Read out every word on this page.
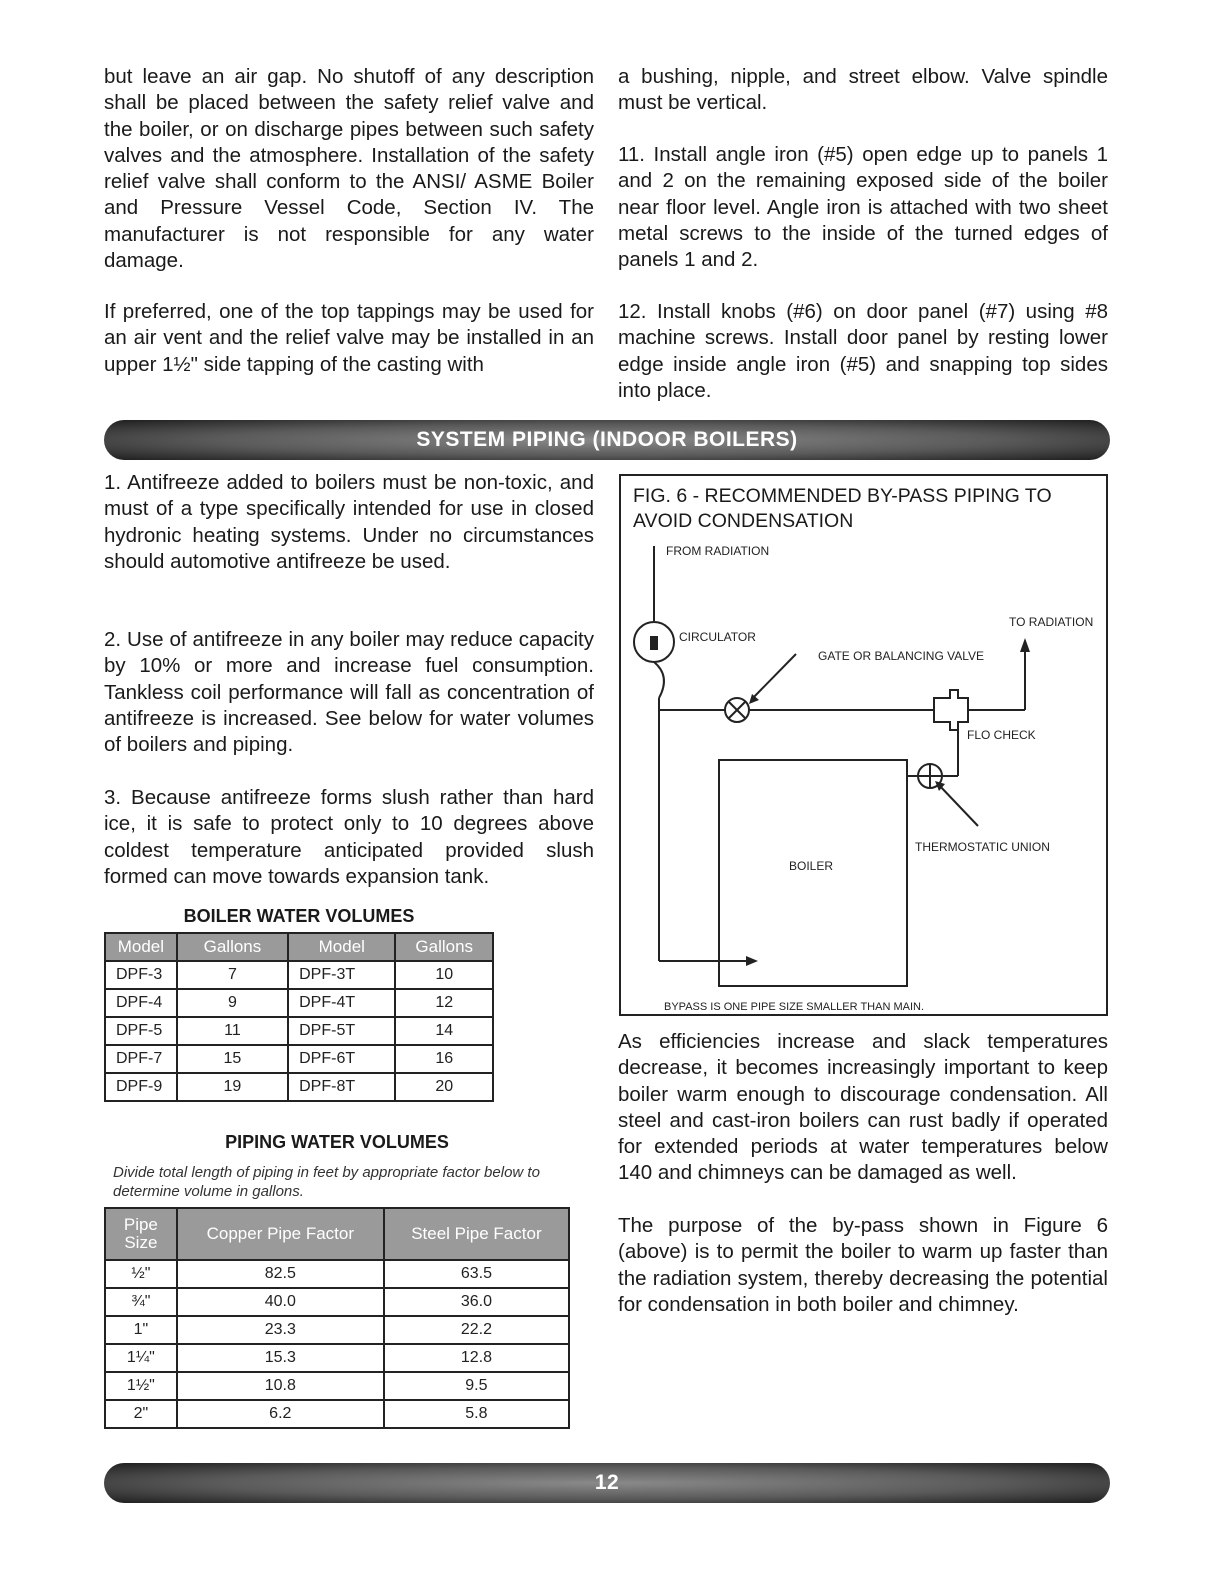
but leave an air gap. No shutoff of any description shall be placed between the safety relief valve and the boiler, or on discharge pipes between such safety valves and the atmosphere. Installation of the safety relief valve shall conform to the ANSI/ ASME Boiler and Pressure Vessel Code, Section IV. The manufacturer is not responsible for any water damage.

If preferred, one of the top tappings may be used for an air vent and the relief valve may be installed in an upper 1½" side tapping of the casting with

a bushing, nipple, and street elbow. Valve spindle must be vertical.

11. Install angle iron (#5) open edge up to panels 1 and 2 on the remaining exposed side of the boiler near floor level. Angle iron is attached with two sheet metal screws to the inside of the turned edges of panels 1 and 2.

12. Install knobs (#6) on door panel (#7) using #8 machine screws. Install door panel by resting lower edge inside angle iron (#5) and snapping top sides into place.

SYSTEM PIPING (INDOOR BOILERS)

1. Antifreeze added to boilers must be non-toxic, and must of a type specifically intended for use in closed hydronic heating systems. Under no circumstances should automotive antifreeze be used.

2. Use of antifreeze in any boiler may reduce capacity by 10% or more and increase fuel consumption. Tankless coil performance will fall as concentration of antifreeze is increased. See below for water volumes of boilers and piping.

3. Because antifreeze forms slush rather than hard ice, it is safe to protect only to 10 degrees above coldest temperature anticipated provided slush formed can move towards expansion tank.

BOILER WATER VOLUMES

Model	Gallons	Model	Gallons
DPF-3	7	DPF-3T	10
DPF-4	9	DPF-4T	12
DPF-5	11	DPF-5T	14
DPF-7	15	DPF-6T	16
DPF-9	19	DPF-8T	20

PIPING WATER VOLUMES

Divide total length of piping in feet by appropriate factor below to determine volume in gallons.

Pipe Size	Copper Pipe Factor	Steel Pipe Factor
½"	82.5	63.5
¾"	40.0	36.0
1"	23.3	22.2
1¼"	15.3	12.8
1½"	10.8	9.5
2"	6.2	5.8

FIG. 6 - RECOMMENDED BY-PASS PIPING TO AVOID CONDENSATION

FROM RADIATION
TO RADIATION
CIRCULATOR
GATE OR BALANCING VALVE
FLO CHECK
THERMOSTATIC UNION
BOILER
BYPASS IS ONE PIPE SIZE SMALLER THAN MAIN.

As efficiencies increase and slack temperatures decrease, it becomes increasingly important to keep boiler warm enough to discourage condensation. All steel and cast-iron boilers can rust badly if operated for extended periods at water temperatures below 140 and chimneys can be damaged as well.

The purpose of the by-pass shown in Figure 6 (above) is to permit the boiler to warm up faster than the radiation system, thereby decreasing the potential for condensation in both boiler and chimney.

12
